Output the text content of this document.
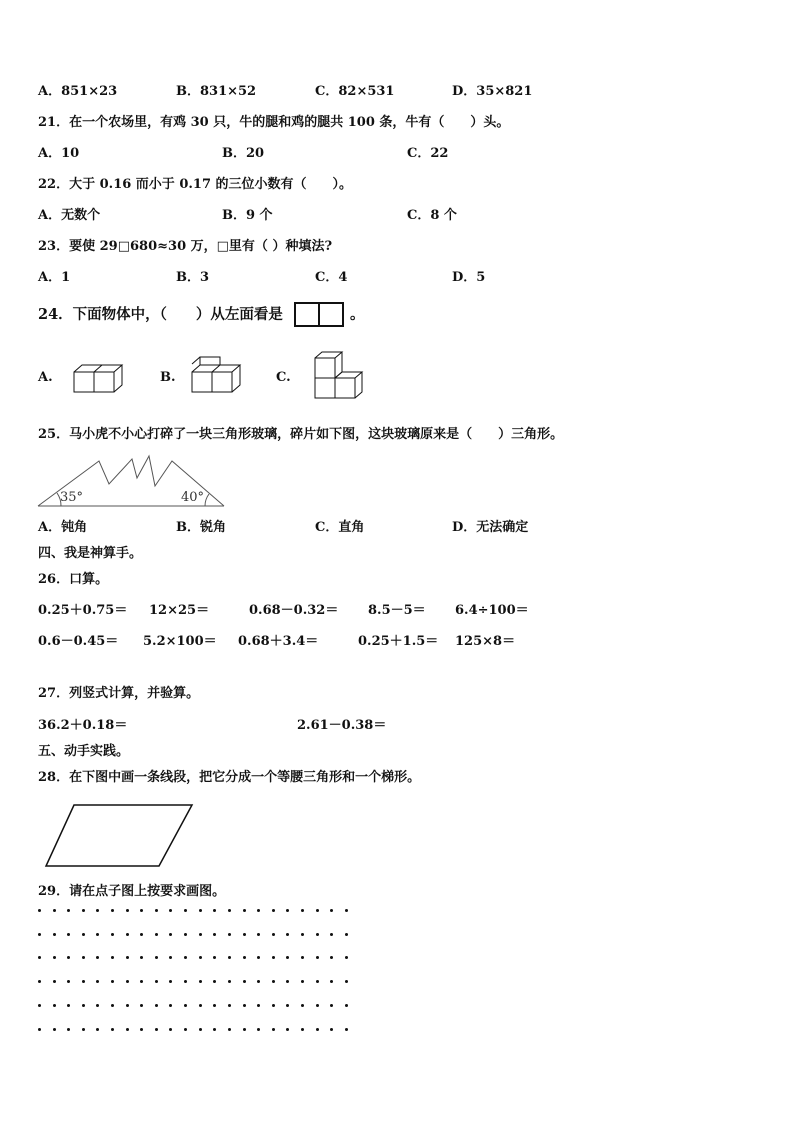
A．851×23	B．831×52	C．82×531	D．35×821
21．在一个农场里，有鸡 30 只，牛的腿和鸡的腿共 100 条，牛有（　　）头。
A．10	B．20	C．22
22．大于 0.16 而小于 0.17 的三位小数有（　　）。
A．无数个	B．9 个	C．8 个
23．要使 29□680≈30 万，□里有（ ）种填法?
A．1	B．3	C．4	D．5
24．下面物体中，（　　）从左面看是	。
A.	B.	C.
25．马小虎不小心打碎了一块三角形玻璃，碎片如下图，这块玻璃原来是（　　）三角形。
35°	40°
A．钝角	B．锐角	C．直角	D．无法确定
四、我是神算手。
26．口算。
0.25＋0.75＝ 12×25＝	0.68－0.32＝ 8.5－5＝ 6.4÷100＝
0.6－0.45＝ 5.2×100＝ 0.68＋3.4＝	0.25＋1.5＝ 125×8＝
27．列竖式计算，并验算。
36.2＋0.18＝	2.61－0.38＝
五、动手实践。
28．在下图中画一条线段，把它分成一个等腰三角形和一个梯形。
29．请在点子图上按要求画图。
